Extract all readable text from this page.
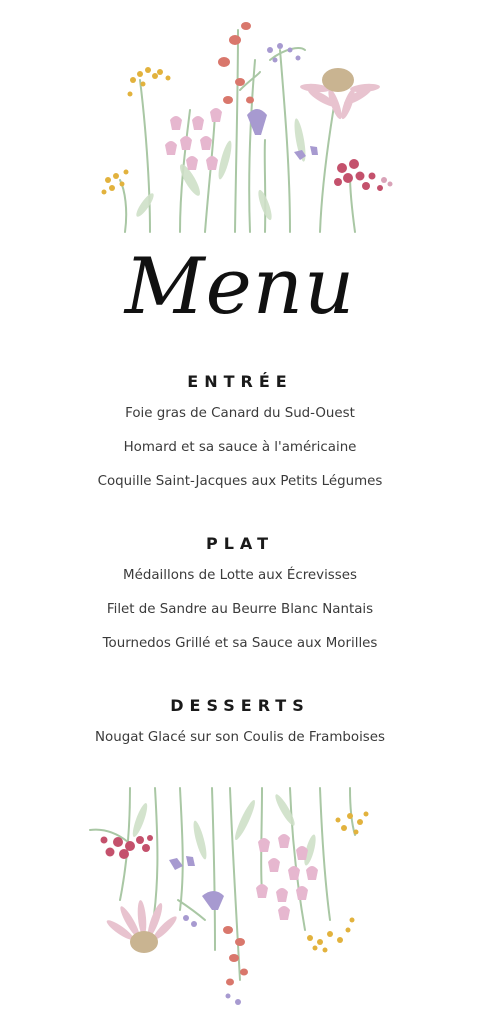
Menu
ENTRÉE
Foie gras de Canard du Sud-Ouest
Homard et sa sauce à l'américaine
Coquille Saint-Jacques aux Petits Légumes
PLAT
Médaillons de Lotte aux Écrevisses
Filet de Sandre au Beurre Blanc Nantais
Tournedos Grillé et sa Sauce aux Morilles
DESSERTS
Nougat Glacé sur son Coulis de Framboises
